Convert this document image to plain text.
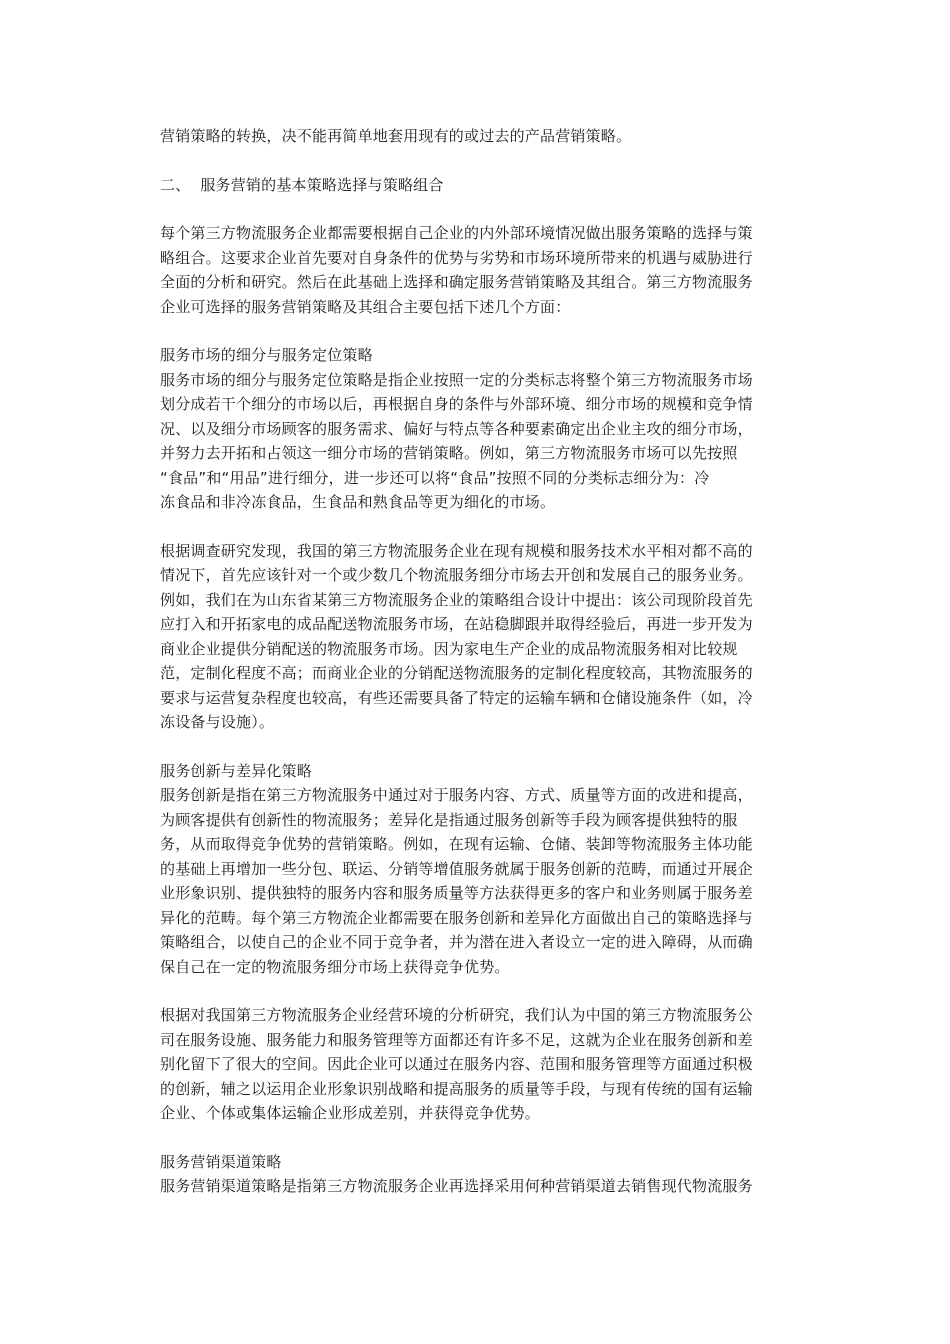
营销策略的转换，决不能再简单地套用现有的或过去的产品营销策略。
二、  服务营销的基本策略选择与策略组合
每个第三方物流服务企业都需要根据自己企业的内外部环境情况做出服务策略的选择与策
略组合。这要求企业首先要对自身条件的优势与劣势和市场环境所带来的机遇与威胁进行
全面的分析和研究。然后在此基础上选择和确定服务营销策略及其组合。第三方物流服务
企业可选择的服务营销策略及其组合主要包括下述几个方面：
服务市场的细分与服务定位策略
服务市场的细分与服务定位策略是指企业按照一定的分类标志将整个第三方物流服务市场
划分成若干个细分的市场以后，再根据自身的条件与外部环境、细分市场的规模和竞争情
况、以及细分市场顾客的服务需求、偏好与特点等各种要素确定出企业主攻的细分市场，
并努力去开拓和占领这一细分市场的营销策略。例如，第三方物流服务市场可以先按照
“食品”和“用品”进行细分，进一步还可以将“食品”按照不同的分类标志细分为：冷
冻食品和非冷冻食品，生食品和熟食品等更为细化的市场。
根据调查研究发现，我国的第三方物流服务企业在现有规模和服务技术水平相对都不高的
情况下，首先应该针对一个或少数几个物流服务细分市场去开创和发展自己的服务业务。
例如，我们在为山东省某第三方物流服务企业的策略组合设计中提出：该公司现阶段首先
应打入和开拓家电的成品配送物流服务市场，在站稳脚跟并取得经验后，再进一步开发为
商业企业提供分销配送的物流服务市场。因为家电生产企业的成品物流服务相对比较规
范，定制化程度不高；而商业企业的分销配送物流服务的定制化程度较高，其物流服务的
要求与运营复杂程度也较高，有些还需要具备了特定的运输车辆和仓储设施条件（如，冷
冻设备与设施）。
服务创新与差异化策略
服务创新是指在第三方物流服务中通过对于服务内容、方式、质量等方面的改进和提高，
为顾客提供有创新性的物流服务；差异化是指通过服务创新等手段为顾客提供独特的服
务，从而取得竞争优势的营销策略。例如，在现有运输、仓储、装卸等物流服务主体功能
的基础上再增加一些分包、联运、分销等增值服务就属于服务创新的范畴，而通过开展企
业形象识别、提供独特的服务内容和服务质量等方法获得更多的客户和业务则属于服务差
异化的范畴。每个第三方物流企业都需要在服务创新和差异化方面做出自己的策略选择与
策略组合，以使自己的企业不同于竞争者，并为潜在进入者设立一定的进入障碍，从而确
保自己在一定的物流服务细分市场上获得竞争优势。
根据对我国第三方物流服务企业经营环境的分析研究，我们认为中国的第三方物流服务公
司在服务设施、服务能力和服务管理等方面都还有许多不足，这就为企业在服务创新和差
别化留下了很大的空间。因此企业可以通过在服务内容、范围和服务管理等方面通过积极
的创新，辅之以运用企业形象识别战略和提高服务的质量等手段，与现有传统的国有运输
企业、个体或集体运输企业形成差别，并获得竞争优势。
服务营销渠道策略
服务营销渠道策略是指第三方物流服务企业再选择采用何种营销渠道去销售现代物流服务
